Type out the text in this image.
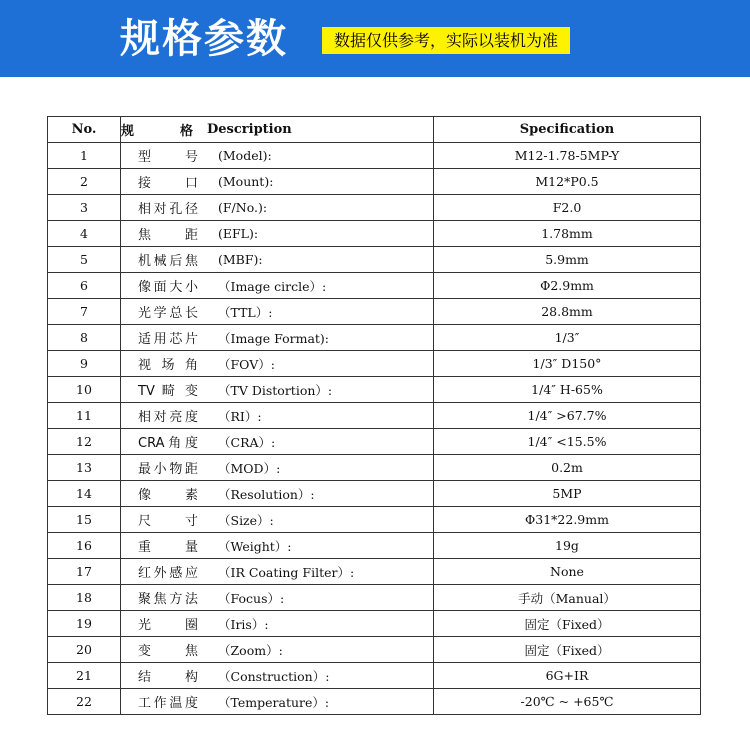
规格参数	数据仅供参考，实际以装机为准
No.	规 格 Description	Specification
1	型 号 (Model):	M12-1.78-5MP-Y
2	接 口 (Mount):	M12*P0.5
3	相对孔径 (F/No.):	F2.0
4	焦 距 (EFL):	1.78mm
5	机械后焦 (MBF):	5.9mm
6	像面大小 （Image circle）:	Φ2.9mm
7	光学总长 （TTL）:	28.8mm
8	适用芯片 （Image Format):	1/3″
9	视 场 角 （FOV）:	1/3″ D150°
10	TV 畸 变 （TV Distortion）:	1/4″ H-65%
11	相对亮度 （RI）:	1/4″ >67.7%
12	CRA角度 （CRA）:	1/4″ <15.5%
13	最小物距 （MOD）:	0.2m
14	像 素 （Resolution）:	5MP
15	尺 寸 （Size）:	Φ31*22.9mm
16	重 量 （Weight）:	19g
17	红外感应 （IR Coating Filter）:	None
18	聚焦方法 （Focus）:	手动（Manual）
19	光 圈 （Iris）:	固定（Fixed）
20	变 焦 （Zoom）:	固定（Fixed）
21	结 构 （Construction）:	6G+IR
22	工作温度 （Temperature）:	-20℃ ~ +65℃
